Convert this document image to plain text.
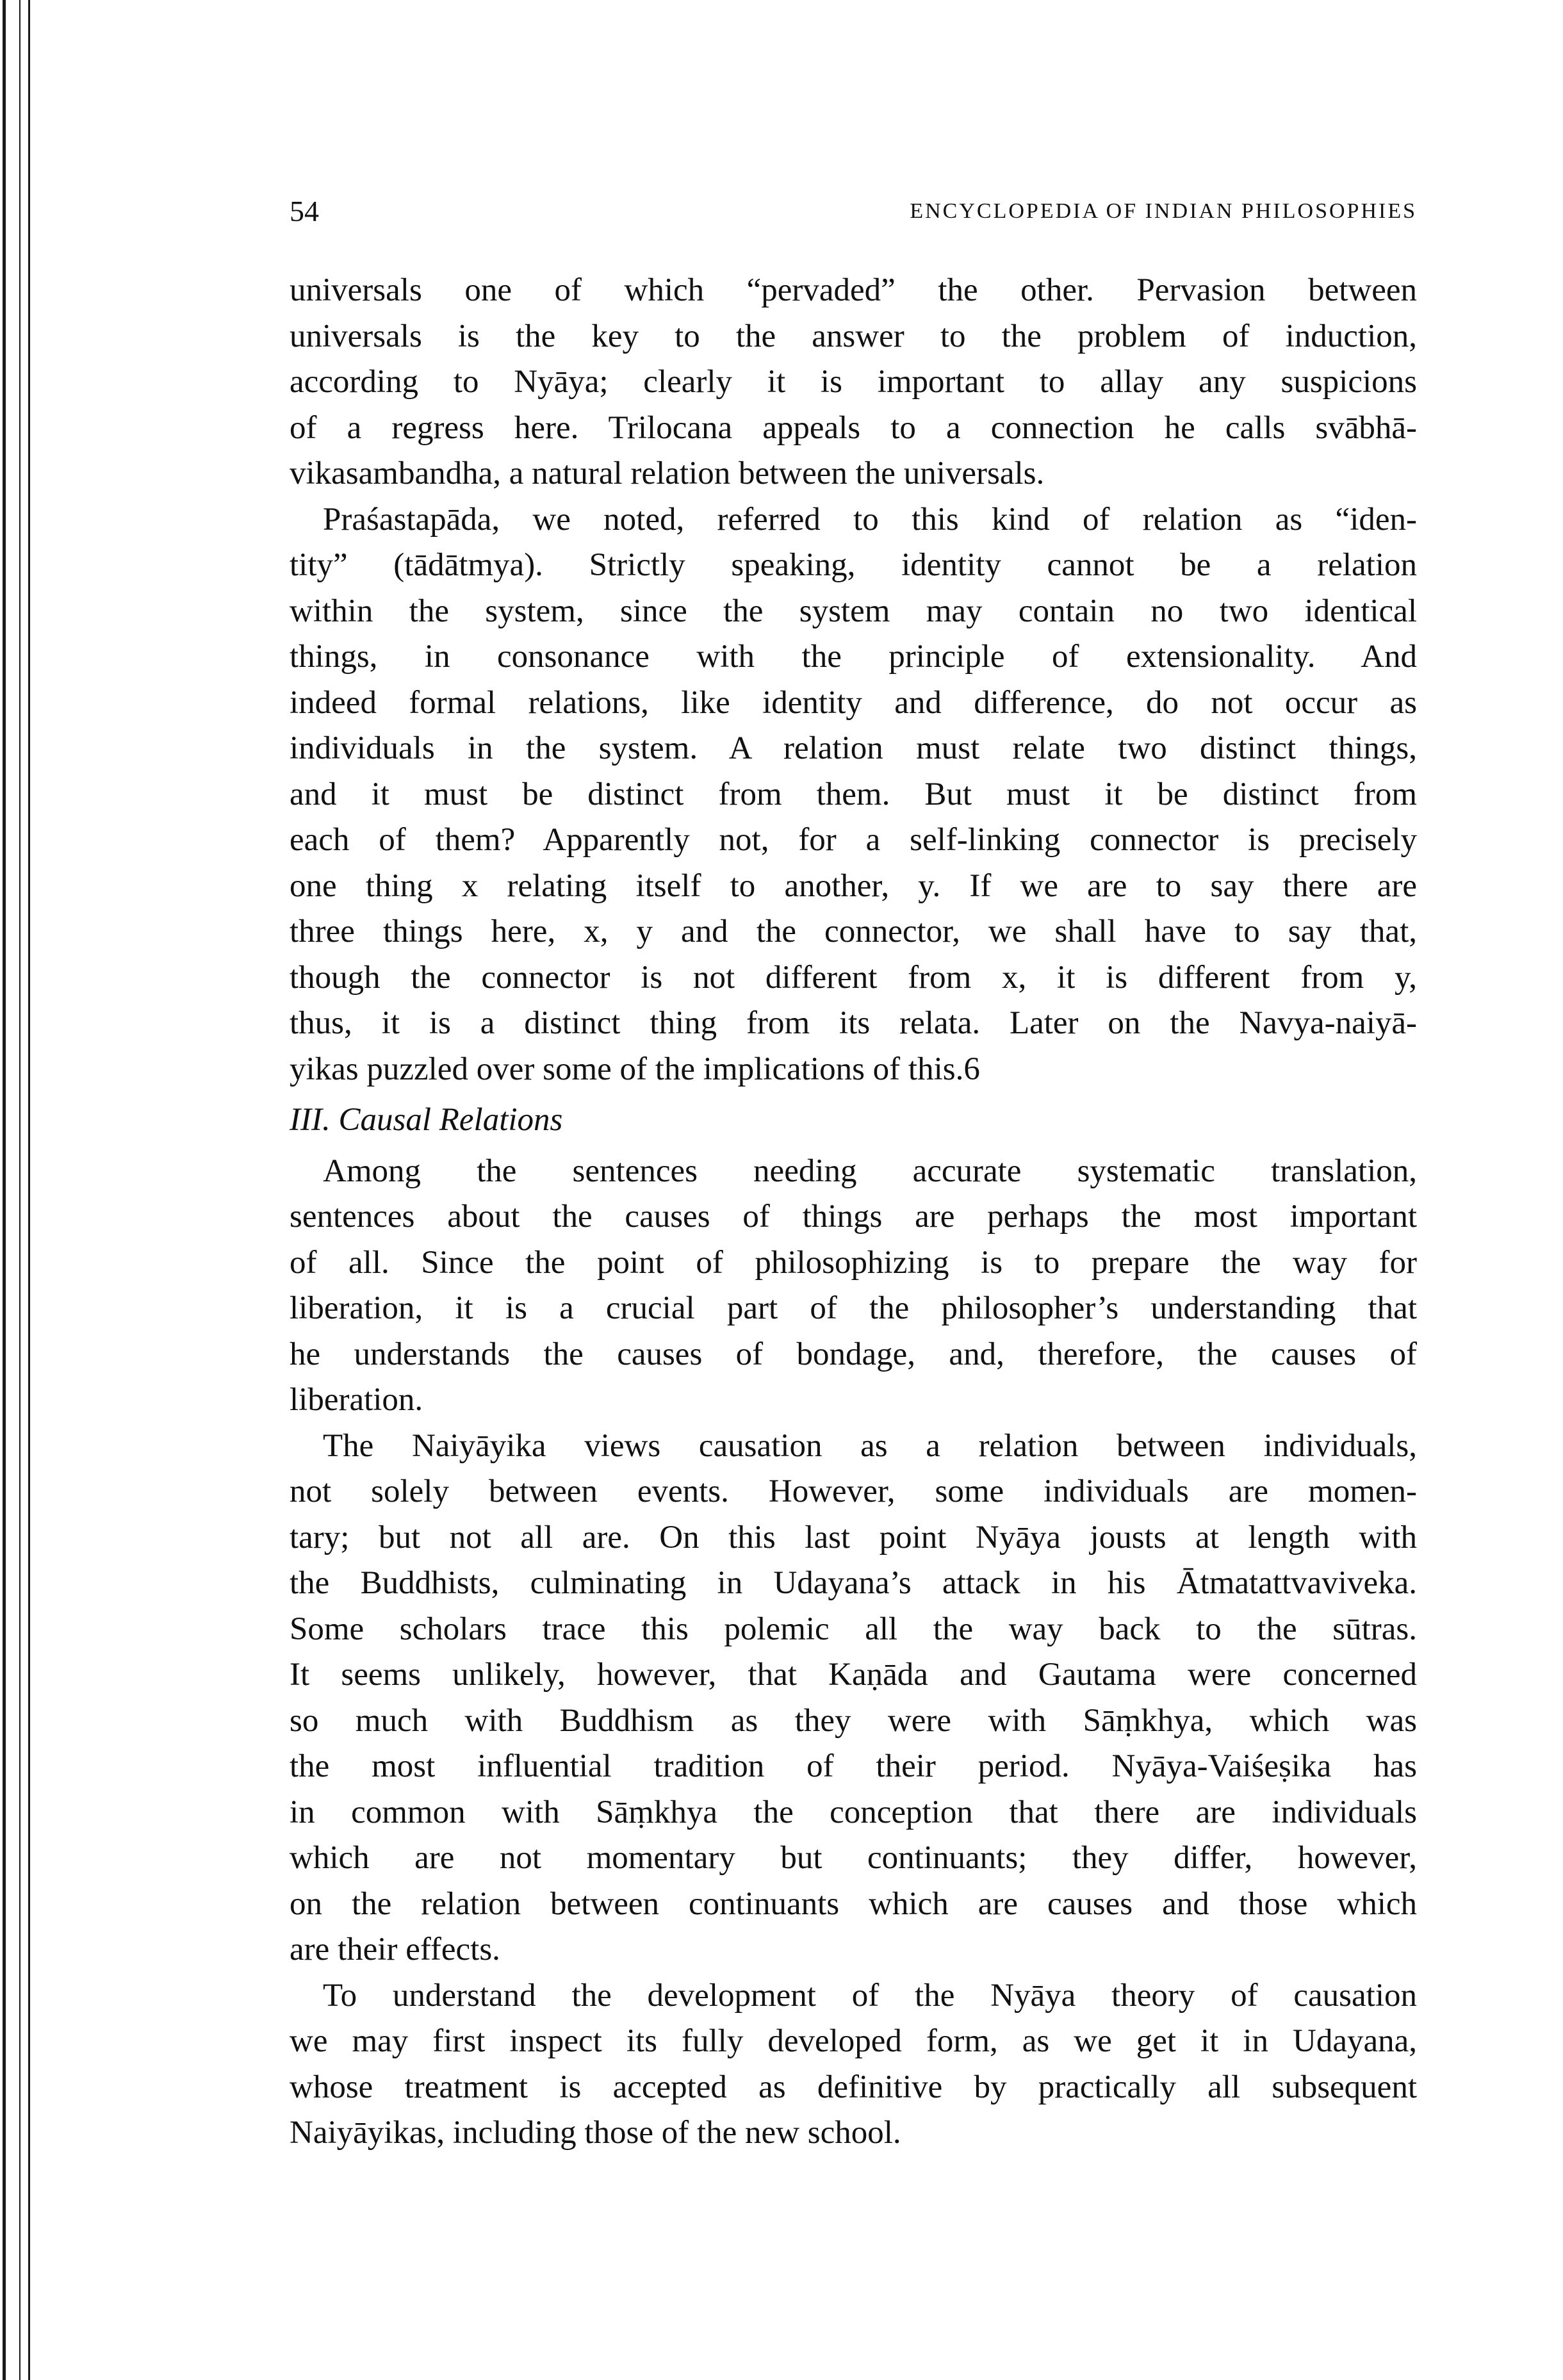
54	ENCYCLOPEDIA OF INDIAN PHILOSOPHIES
universals one of which “pervaded” the other. Pervasion between
universals is the key to the answer to the problem of induction,
according to Nyāya; clearly it is important to allay any suspicions
of a regress here. Trilocana appeals to a connection he calls svābhā-
vikasambandha, a natural relation between the universals.
Praśastapāda, we noted, referred to this kind of relation as “iden-
tity” (tādātmya). Strictly speaking, identity cannot be a relation
within the system, since the system may contain no two identical
things, in consonance with the principle of extensionality. And
indeed formal relations, like identity and difference, do not occur as
individuals in the system. A relation must relate two distinct things,
and it must be distinct from them. But must it be distinct from
each of them? Apparently not, for a self-linking connector is precisely
one thing x relating itself to another, y. If we are to say there are
three things here, x, y and the connector, we shall have to say that,
though the connector is not different from x, it is different from y,
thus, it is a distinct thing from its relata. Later on the Navya-naiyā-
yikas puzzled over some of the implications of this.6
III. Causal Relations
Among the sentences needing accurate systematic translation,
sentences about the causes of things are perhaps the most important
of all. Since the point of philosophizing is to prepare the way for
liberation, it is a crucial part of the philosopher’s understanding that
he understands the causes of bondage, and, therefore, the causes of
liberation.
The Naiyāyika views causation as a relation between individuals,
not solely between events. However, some individuals are momen-
tary; but not all are. On this last point Nyāya jousts at length with
the Buddhists, culminating in Udayana’s attack in his Ātmatattvaviveka.
Some scholars trace this polemic all the way back to the sūtras.
It seems unlikely, however, that Kaṇāda and Gautama were concerned
so much with Buddhism as they were with Sāṃkhya, which was
the most influential tradition of their period. Nyāya-Vaiśeṣika has
in common with Sāṃkhya the conception that there are individuals
which are not momentary but continuants; they differ, however,
on the relation between continuants which are causes and those which
are their effects.
To understand the development of the Nyāya theory of causation
we may first inspect its fully developed form, as we get it in Udayana,
whose treatment is accepted as definitive by practically all subsequent
Naiyāyikas, including those of the new school.
